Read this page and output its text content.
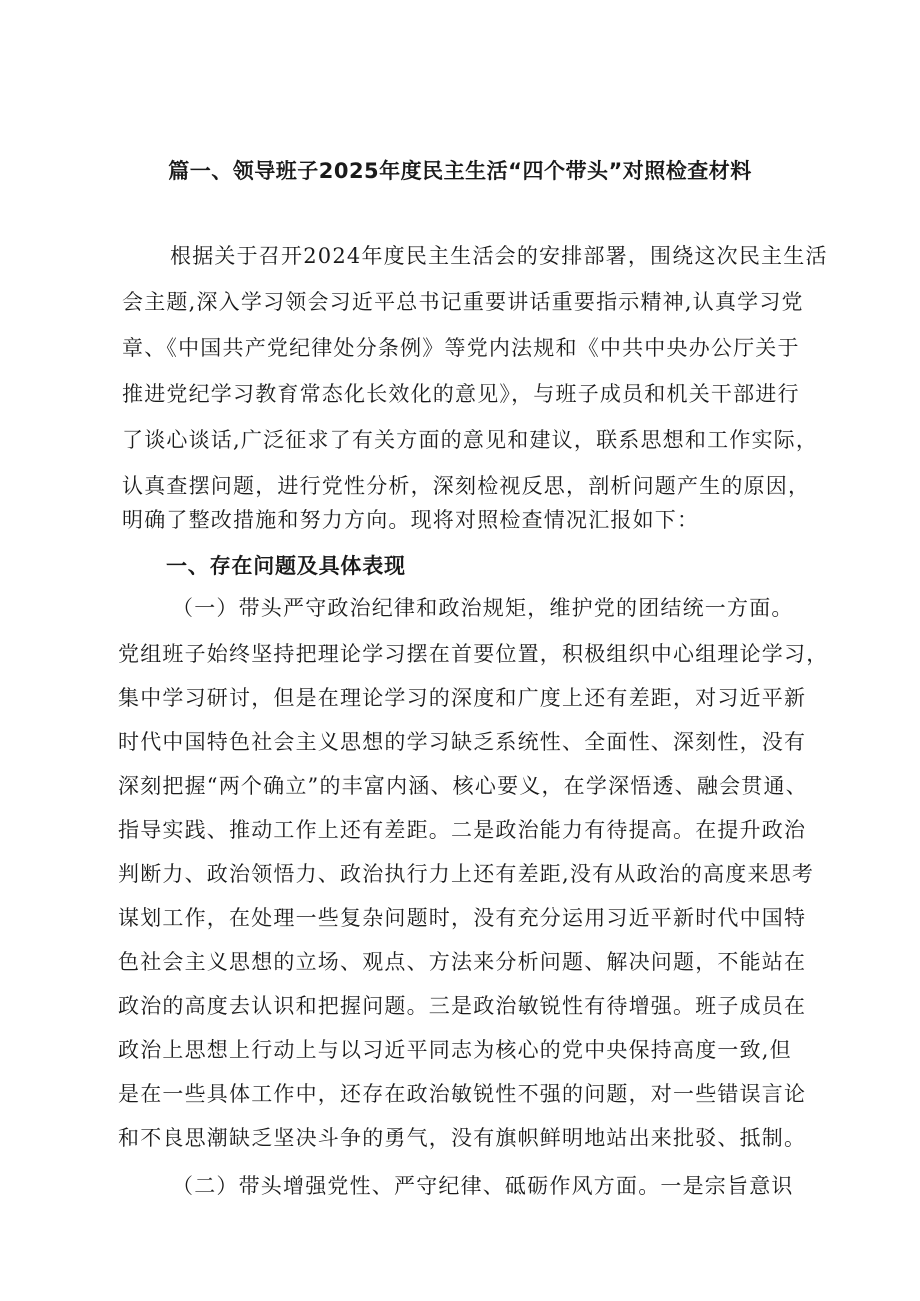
篇一、领导班子2025年度民主生活“四个带头”对照检查材料
根据关于召开2024年度民主生活会的安排部署，围绕这次民主生活
会主题,深入学习领会习近平总书记重要讲话重要指示精神,认真学习党
章、《中国共产党纪律处分条例》等党内法规和《中共中央办公厅关于
推进党纪学习教育常态化长效化的意见》，与班子成员和机关干部进行
了谈心谈话,广泛征求了有关方面的意见和建议，联系思想和工作实际，
认真查摆问题，进行党性分析，深刻检视反思，剖析问题产生的原因，
明确了整改措施和努力方向。现将对照检查情况汇报如下：
一、存在问题及具体表现
（一）带头严守政治纪律和政治规矩，维护党的团结统一方面。
党组班子始终坚持把理论学习摆在首要位置，积极组织中心组理论学习，
集中学习研讨，但是在理论学习的深度和广度上还有差距，对习近平新
时代中国特色社会主义思想的学习缺乏系统性、全面性、深刻性，没有
深刻把握“两个确立”的丰富内涵、核心要义，在学深悟透、融会贯通、
指导实践、推动工作上还有差距。二是政治能力有待提高。在提升政治
判断力、政治领悟力、政治执行力上还有差距,没有从政治的高度来思考
谋划工作，在处理一些复杂问题时，没有充分运用习近平新时代中国特
色社会主义思想的立场、观点、方法来分析问题、解决问题，不能站在
政治的高度去认识和把握问题。三是政治敏锐性有待增强。班子成员在
政治上思想上行动上与以习近平同志为核心的党中央保持高度一致,但
是在一些具体工作中，还存在政治敏锐性不强的问题，对一些错误言论
和不良思潮缺乏坚决斗争的勇气，没有旗帜鲜明地站出来批驳、抵制。
（二）带头增强党性、严守纪律、砥砺作风方面。一是宗旨意识
